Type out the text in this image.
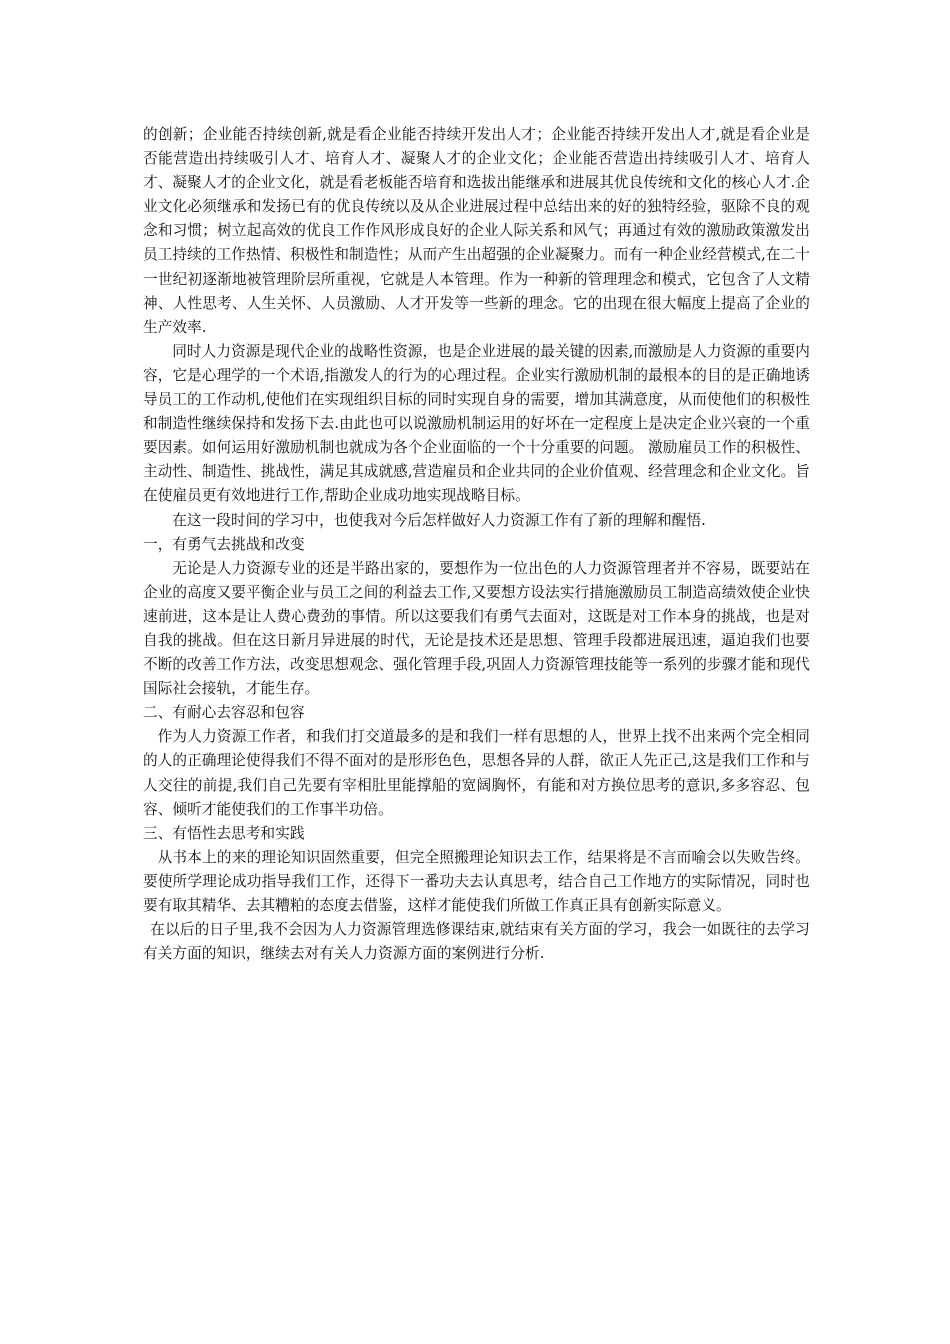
的创新；企业能否持续创新,就是看企业能否持续开发出人才；企业能否持续开发出人才,就是看企业是否能营造出持续吸引人才、培育人才、凝聚人才的企业文化；企业能否营造出持续吸引人才、培育人才、凝聚人才的企业文化，就是看老板能否培育和选拔出能继承和进展其优良传统和文化的核心人才.企业文化必须继承和发扬已有的优良传统以及从企业进展过程中总结出来的好的独特经验，驱除不良的观念和习惯；树立起高效的优良工作作风形成良好的企业人际关系和风气；再通过有效的激励政策激发出员工持续的工作热情、积极性和制造性；从而产生出超强的企业凝聚力。而有一种企业经营模式,在二十一世纪初逐渐地被管理阶层所重视，它就是人本管理。作为一种新的管理理念和模式，它包含了人文精神、人性思考、人生关怀、人员激励、人才开发等一些新的理念。它的出现在很大幅度上提高了企业的生产效率.

同时人力资源是现代企业的战略性资源，也是企业进展的最关键的因素,而激励是人力资源的重要内容，它是心理学的一个术语,指激发人的行为的心理过程。企业实行激励机制的最根本的目的是正确地诱导员工的工作动机,使他们在实现组织目标的同时实现自身的需要，增加其满意度，从而使他们的积极性和制造性继续保持和发扬下去.由此也可以说激励机制运用的好坏在一定程度上是决定企业兴衰的一个重要因素。如何运用好激励机制也就成为各个企业面临的一个十分重要的问题。 激励雇员工作的积极性、主动性、制造性、挑战性，满足其成就感,营造雇员和企业共同的企业价值观、经营理念和企业文化。旨在使雇员更有效地进行工作,帮助企业成功地实现战略目标。

在这一段时间的学习中，也使我对今后怎样做好人力资源工作有了新的理解和醒悟.

一，有勇气去挑战和改变

无论是人力资源专业的还是半路出家的，要想作为一位出色的人力资源管理者并不容易，既要站在企业的高度又要平衡企业与员工之间的利益去工作,又要想方设法实行措施激励员工制造高绩效使企业快速前进，这本是让人费心费劲的事情。所以这要我们有勇气去面对，这既是对工作本身的挑战，也是对自我的挑战。但在这日新月异进展的时代，无论是技术还是思想、管理手段都进展迅速，逼迫我们也要不断的改善工作方法，改变思想观念、强化管理手段,巩固人力资源管理技能等一系列的步骤才能和现代国际社会接轨，才能生存。

二、有耐心去容忍和包容

作为人力资源工作者，和我们打交道最多的是和我们一样有思想的人，世界上找不出来两个完全相同的人的正确理论使得我们不得不面对的是形形色色，思想各异的人群，欲正人先正己,这是我们工作和与人交往的前提,我们自己先要有宰相肚里能撑船的宽阔胸怀，有能和对方换位思考的意识,多多容忍、包容、倾听才能使我们的工作事半功倍。

三、有悟性去思考和实践

从书本上的来的理论知识固然重要，但完全照搬理论知识去工作，结果将是不言而喻会以失败告终。要使所学理论成功指导我们工作，还得下一番功夫去认真思考，结合自己工作地方的实际情况，同时也要有取其精华、去其糟粕的态度去借鉴，这样才能使我们所做工作真正具有创新实际意义。

在以后的日子里,我不会因为人力资源管理选修课结束,就结束有关方面的学习，我会一如既往的去学习有关方面的知识，继续去对有关人力资源方面的案例进行分析.
